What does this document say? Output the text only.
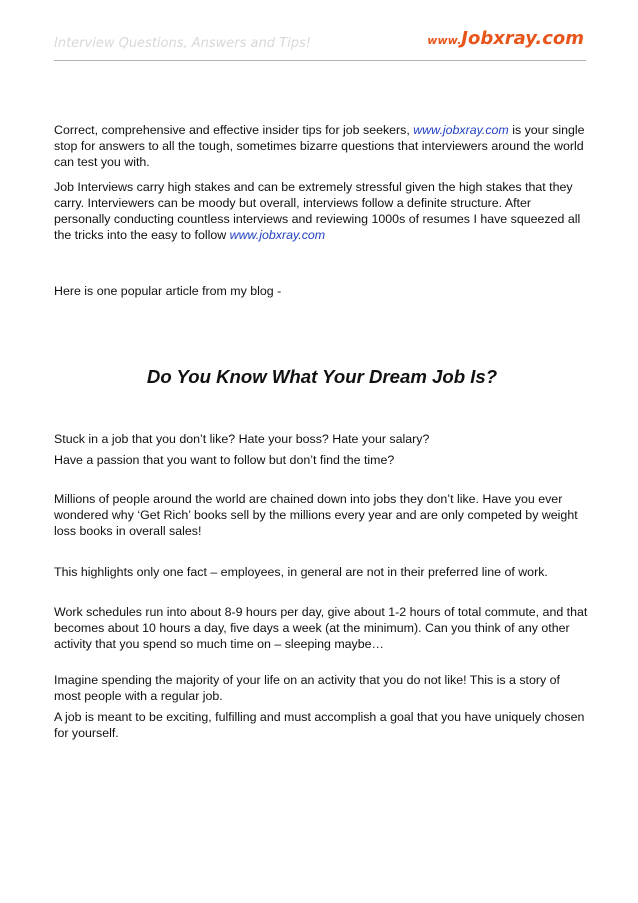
Interview Questions, Answers and Tips!	www.Jobxray.com

Correct, comprehensive and effective insider tips for job seekers, www.jobxray.com is your single stop for answers to all the tough, sometimes bizarre questions that interviewers around the world can test you with.

Job Interviews carry high stakes and can be extremely stressful given the high stakes that they carry. Interviewers can be moody but overall, interviews follow a definite structure. After personally conducting countless interviews and reviewing 1000s of resumes I have squeezed all the tricks into the easy to follow www.jobxray.com

Here is one popular article from my blog -

Do You Know What Your Dream Job Is?

Stuck in a job that you don’t like? Hate your boss? Hate your salary?

Have a passion that you want to follow but don’t find the time?

Millions of people around the world are chained down into jobs they don’t like. Have you ever wondered why ‘Get Rich’ books sell by the millions every year and are only competed by weight loss books in overall sales!

This highlights only one fact – employees, in general are not in their preferred line of work.

Work schedules run into about 8-9 hours per day, give about 1-2 hours of total commute, and that becomes about 10 hours a day, five days a week (at the minimum). Can you think of any other activity that you spend so much time on – sleeping maybe…

Imagine spending the majority of your life on an activity that you do not like! This is a story of most people with a regular job.

A job is meant to be exciting, fulfilling and must accomplish a goal that you have uniquely chosen for yourself.
